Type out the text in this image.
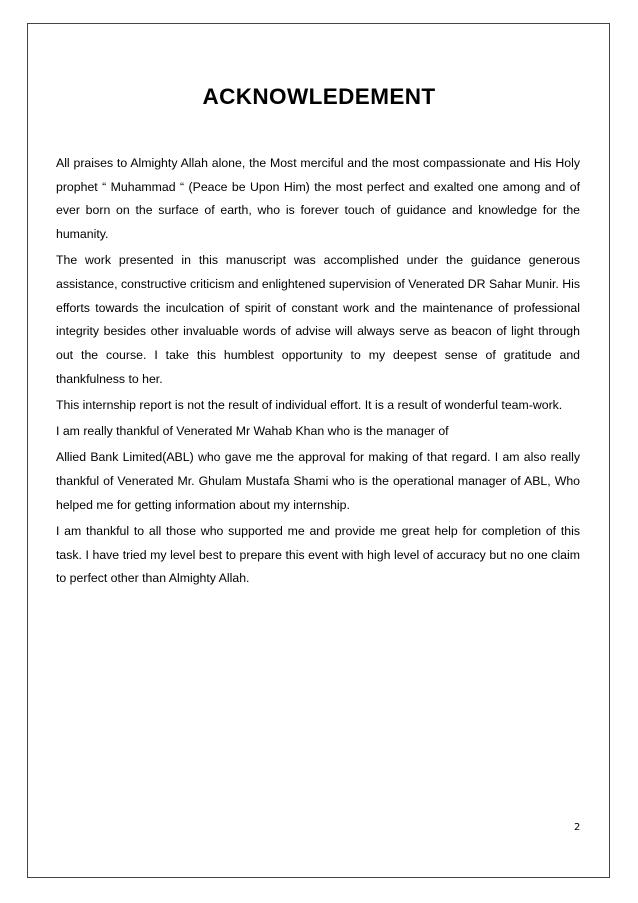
ACKNOWLEDEMENT

All praises to Almighty Allah alone, the Most merciful and the most compassionate and His Holy prophet “ Muhammad “ (Peace be Upon Him) the most perfect and exalted one among and of ever born on the surface of earth, who is forever touch of guidance and knowledge for the humanity.

The work presented in this manuscript was accomplished under the guidance generous assistance, constructive criticism and enlightened supervision of Venerated DR Sahar Munir. His efforts towards the inculcation of spirit of constant work and the maintenance of professional integrity besides other invaluable words of advise will always serve as beacon of light through out the course. I take this humblest opportunity to my deepest sense of gratitude and thankfulness to her.

This internship report is not the result of individual effort. It is a result of wonderful team-work.

I am really thankful of Venerated Mr Wahab Khan who is the manager of

Allied Bank Limited(ABL) who gave me the approval for making of that regard. I am also really thankful of Venerated Mr. Ghulam Mustafa Shami who is the operational manager of ABL, Who helped me for getting information about my internship.

I am thankful to all those who supported me and provide me great help for completion of this task. I have tried my level best to prepare this event with high level of accuracy but no one claim to perfect other than Almighty Allah.

2
